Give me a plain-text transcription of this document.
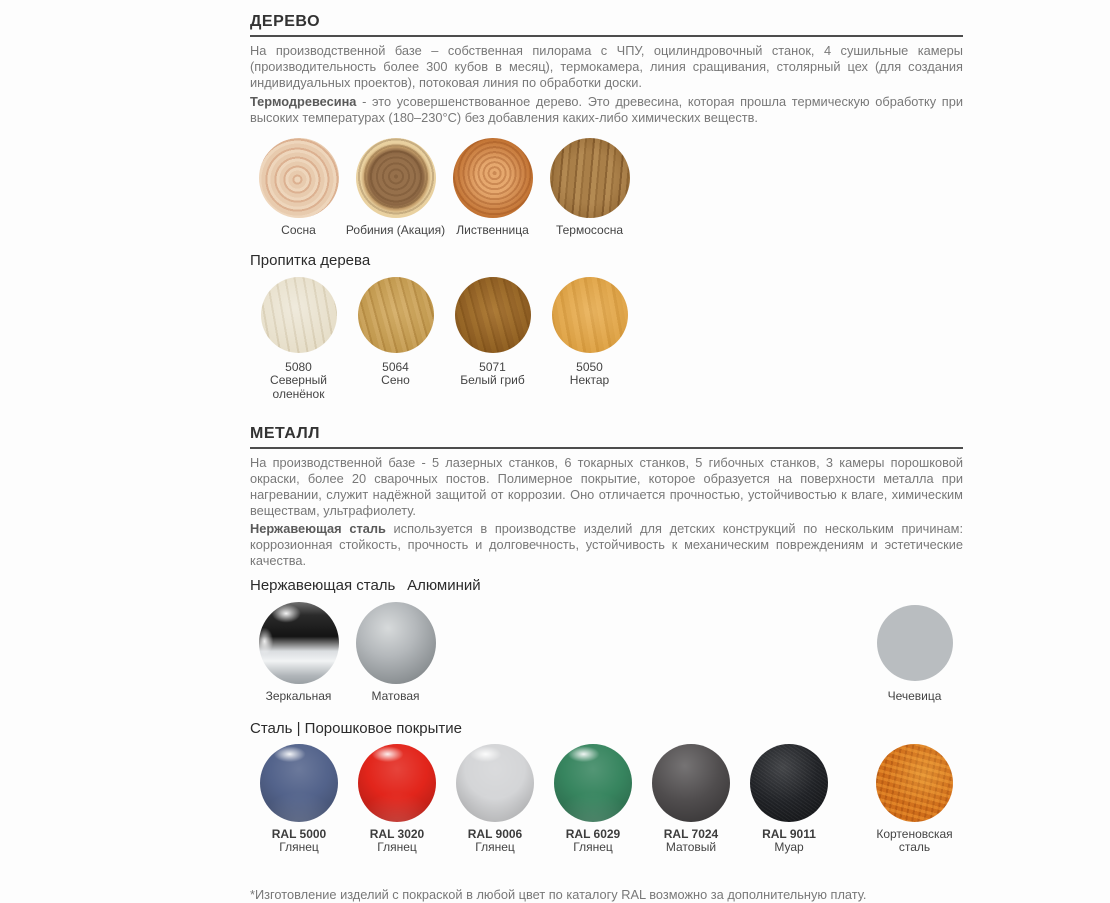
ДЕРЕВО

На производственной базе – собственная пилорама с ЧПУ, оцилиндровочный станок, 4 сушильные камеры (производительность более 300 кубов в месяц), термокамера, линия сращивания, столярный цех (для создания индивидуальных проектов), потоковая линия по обработки доски.

Термодревесина - это усовершенствованное дерево. Это древесина, которая прошла термическую обработку при высоких температурах (180–230°С) без добавления каких-либо химических веществ.

Сосна	Робиния (Акация) Лиственница	Термососна
Пропитка дерева
5080
Северный оленёнок
5064
Сено
5071
Белый гриб
5050
Нектар
МЕТАЛЛ

На производственной базе - 5 лазерных станков, 6 токарных станков, 5 гибочных станков, 3 камеры порошковой окраски, более 20 сварочных постов. Полимерное покрытие, которое образуется на поверхности металла при нагревании, служит надёжной защитой от коррозии. Оно отличается прочностью, устойчивостью к влаге, химическим веществам, ультрафиолету.

Нержавеющая сталь используется в производстве изделий для детских конструкций по нескольким причинам: коррозионная стойкость, прочность и долговечность, устойчивость к механическим повреждениям и эстетические качества.

Нержавеющая сталь Алюминий
Зеркальная	Матовая	Чечевица
Сталь | Порошковое покрытие
RAL 5000
Глянец
RAL 3020
Глянец
RAL 9006
Глянец
RAL 6029
Глянец
RAL 7024
Матовый
RAL 9011
Муар
Кортеновская сталь
*Изготовление изделий с покраской в любой цвет по каталогу RAL возможно за дополнительную плату.
